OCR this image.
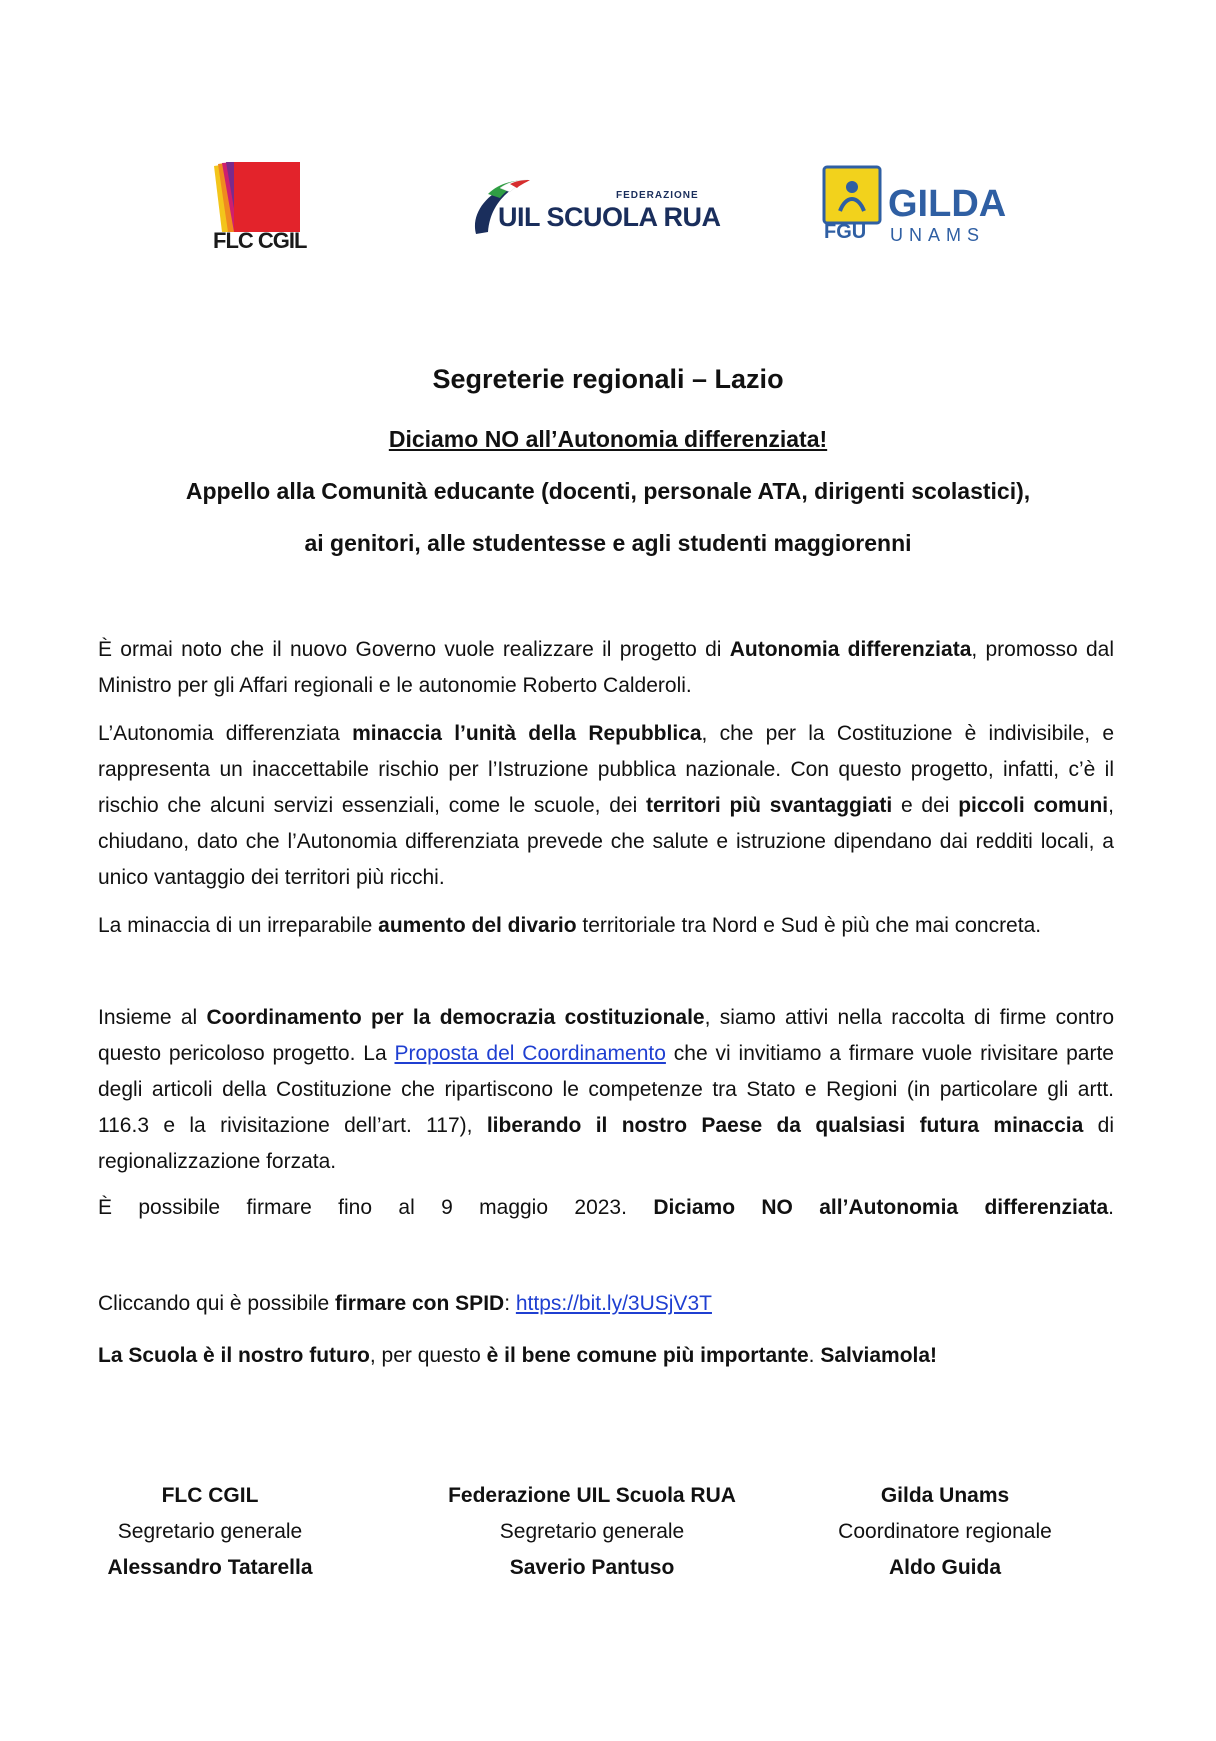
FLC CGIL
FEDERAZIONE
UIL SCUOLA RUA	FGU
GILDA
UNAMS
Segreterie regionali – Lazio
Diciamo NO all’Autonomia differenziata!
Appello alla Comunità educante (docenti, personale ATA, dirigenti scolastici),
ai genitori, alle studentesse e agli studenti maggiorenni

È ormai noto che il nuovo Governo vuole realizzare il progetto di Autonomia differenziata, promosso dal Ministro per gli Affari regionali e le autonomie Roberto Calderoli.

L’Autonomia differenziata minaccia l’unità della Repubblica, che per la Costituzione è indivisibile, e rappresenta un inaccettabile rischio per l’Istruzione pubblica nazionale. Con questo progetto, infatti, c’è il rischio che alcuni servizi essenziali, come le scuole, dei territori più svantaggiati e dei piccoli comuni, chiudano, dato che l’Autonomia differenziata prevede che salute e istruzione dipendano dai redditi locali, a unico vantaggio dei territori più ricchi.

La minaccia di un irreparabile aumento del divario territoriale tra Nord e Sud è più che mai concreta.

Insieme al Coordinamento per la democrazia costituzionale, siamo attivi nella raccolta di firme contro questo pericoloso progetto. La Proposta del Coordinamento che vi invitiamo a firmare vuole rivisitare parte degli articoli della Costituzione che ripartiscono le competenze tra Stato e Regioni (in particolare gli artt. 116.3 e la rivisitazione dell’art. 117), liberando il nostro Paese da qualsiasi futura minaccia di regionalizzazione forzata.

È possibile firmare fino al 9 maggio 2023. Diciamo NO all’Autonomia differenziata.

Cliccando qui è possibile firmare con SPID: https://bit.ly/3USjV3T

La Scuola è il nostro futuro, per questo è il bene comune più importante. Salviamola!

FLC CGIL
Segretario generale
Alessandro Tatarella
Federazione UIL Scuola RUA
Segretario generale
Saverio Pantuso
Gilda Unams
Coordinatore regionale
Aldo Guida
